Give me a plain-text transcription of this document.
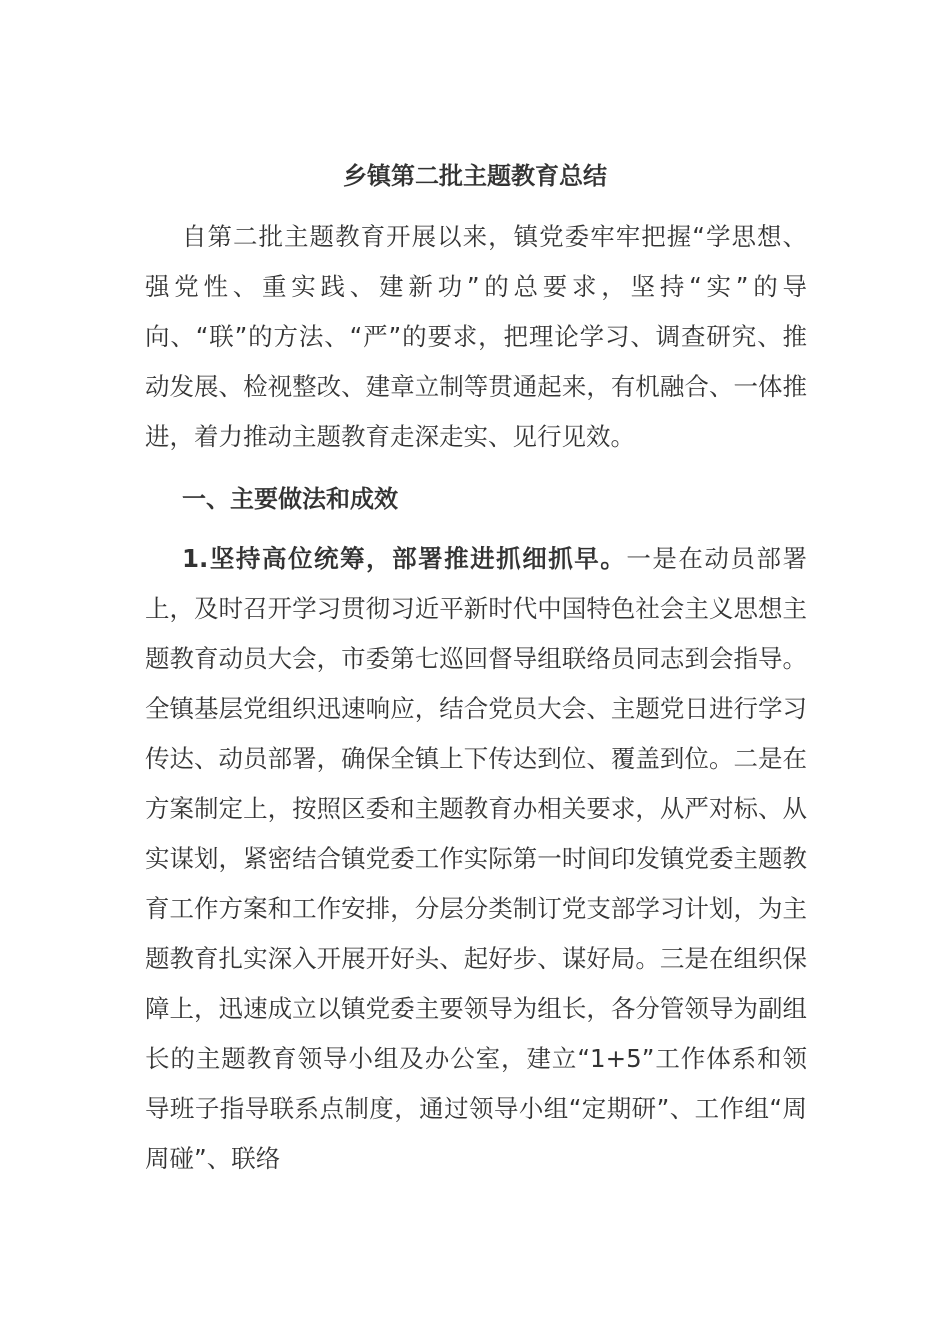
乡镇第二批主题教育总结
自第二批主题教育开展以来，镇党委牢牢把握“学思想、强党性、重实践、建新功”的总要求，坚持“实”的导向、“联”的方法、“严”的要求，把理论学习、调查研究、推动发展、检视整改、建章立制等贯通起来，有机融合、一体推进，着力推动主题教育走深走实、见行见效。
一、主要做法和成效
1.坚持高位统筹，部署推进抓细抓早。一是在动员部署上，及时召开学习贯彻习近平新时代中国特色社会主义思想主题教育动员大会，市委第七巡回督导组联络员同志到会指导。全镇基层党组织迅速响应，结合党员大会、主题党日进行学习传达、动员部署，确保全镇上下传达到位、覆盖到位。二是在方案制定上，按照区委和主题教育办相关要求，从严对标、从实谋划，紧密结合镇党委工作实际第一时间印发镇党委主题教育工作方案和工作安排，分层分类制订党支部学习计划，为主题教育扎实深入开展开好头、起好步、谋好局。三是在组织保障上，迅速成立以镇党委主要领导为组长，各分管领导为副组长的主题教育领导小组及办公室，建立“1+5”工作体系和领导班子指导联系点制度，通过领导小组“定期研”、工作组“周周碰”、联络
